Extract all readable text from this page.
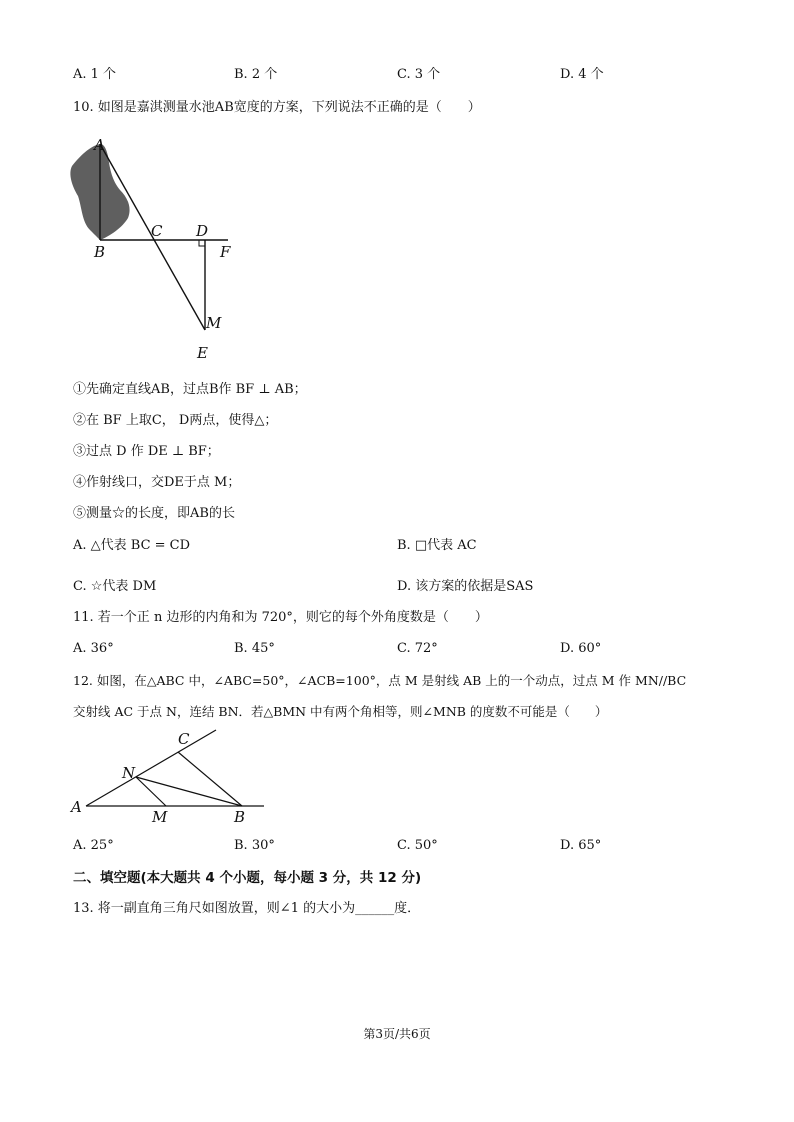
A. 1 个	B. 2 个	C. 3 个	D. 4 个
10. 如图是嘉淇测量水池AB宽度的方案，下列说法不正确的是（　　）
A
B
C D
F
M
E
①先确定直线AB，过点B作 BF ⊥ AB；
②在 BF 上取C， D两点，使得△；
③过点 D 作 DE ⊥ BF；
④作射线口，交DE于点 M；
⑤测量☆的长度，即AB的长
A. △代表 BC = CD	B. □代表 AC
C. ☆代表 DM	D. 该方案的依据是SAS
11. 若一个正 n 边形的内角和为 720°，则它的每个外角度数是（　　）
A. 36°	B. 45°	C. 72°	D. 60°
12. 如图，在△ABC 中，∠ABC=50°，∠ACB=100°，点 M 是射线 AB 上的一个动点，过点 M 作 MN//BC
交射线 AC 于点 N，连结 BN．若△BMN 中有两个角相等，则∠MNB 的度数不可能是（　　）
C
N
A
M	B
A. 25°	B. 30°	C. 50°	D. 65°
二、填空题(本大题共 4 个小题，每小题 3 分，共 12 分)
13. 将一副直角三角尺如图放置，则∠1 的大小为______度．
第3页/共6页
